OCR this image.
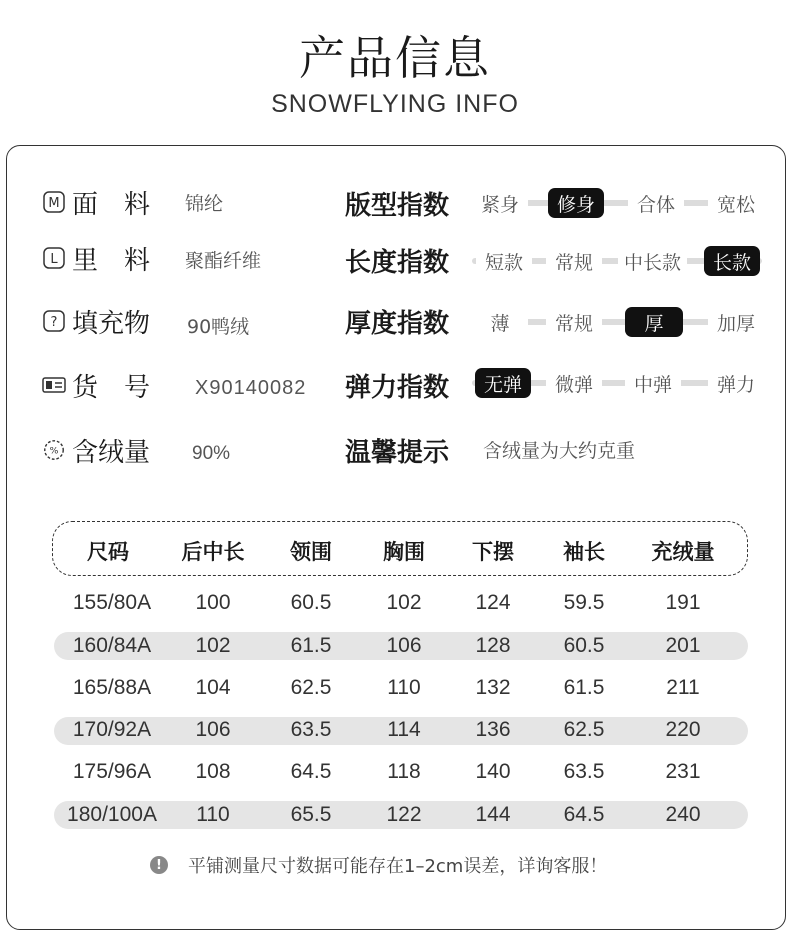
产品信息
SNOWFLYING INFO
M 面　料 锦纶
L 里　料 聚酯纤维
? 填充物 90鸭绒
货　号 X90140082
% 含绒量 90%
版型指数	紧身	修身	合体	宽松
长度指数	短款	常规	中长款	长款
厚度指数	薄	常规	厚	加厚
弹力指数	无弹	微弹	中弹	弹力
温馨提示 含绒量为大约克重
尺码	后中长 领围 胸围 下摆 袖长 充绒量
155/80A 100	60.5	102	124	59.5	191
160/84A 102	61.5	106	128	60.5	201
165/88A 104	62.5	110	132	61.5	211
170/92A 106	63.5	114	136	62.5	220
175/96A 108	64.5	118	140	63.5	231
180/100A 110	65.5	122	144	64.5	240
!	平铺测量尺寸数据可能存在1–2cm误差，详询客服！
